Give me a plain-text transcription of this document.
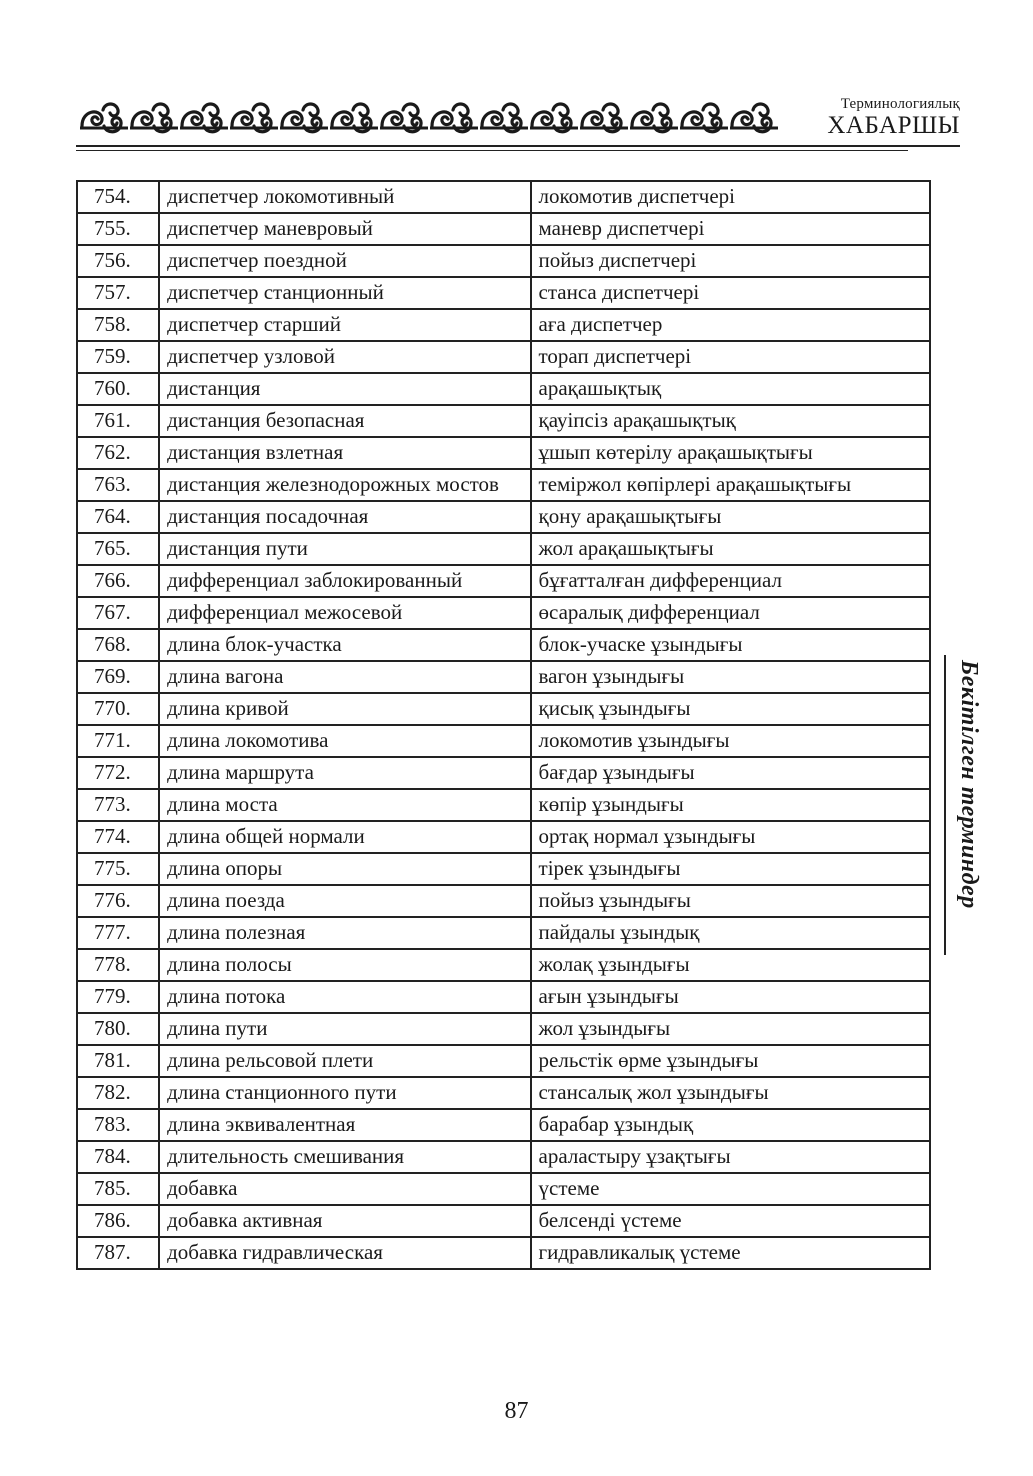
Терминологиялық
ХАБАРШЫ
754.	диспетчер локомотивный	локомотив диспетчері
755.	диспетчер маневровый	маневр диспетчері
756.	диспетчер поездной	пойыз диспетчері
757.	диспетчер станционный	станса диспетчері
758.	диспетчер старший	аға диспетчер
759.	диспетчер узловой	торап диспетчері
760.	дистанция	арақашықтық
761.	дистанция безопасная	қауіпсіз арақашықтық
762.	дистанция взлетная	ұшып көтерілу арақашықтығы
763.	дистанция железнодорожных мостов	теміржол көпірлері арақашықтығы
764.	дистанция посадочная	қону арақашықтығы
765.	дистанция пути	жол арақашықтығы
766.	дифференциал заблокированный	бұғатталған дифференциал
767.	дифференциал межосевой	өсаралық дифференциал
768.	длина блок-участка	блок-учаске ұзындығы
769.	длина вагона	вагон ұзындығы
770.	длина кривой	қисық ұзындығы
771.	длина локомотива	локомотив ұзындығы
772.	длина маршрута	бағдар ұзындығы
773.	длина моста	көпір ұзындығы
774.	длина общей нормали	ортақ нормал ұзындығы
775.	длина опоры	тірек ұзындығы
776.	длина поезда	пойыз ұзындығы
777.	длина полезная	пайдалы ұзындық
778.	длина полосы	жолақ ұзындығы
779.	длина потока	ағын ұзындығы
780.	длина пути	жол ұзындығы
781.	длина рельсовой плети	рельстік өрме ұзындығы
782.	длина станционного пути	стансалық жол ұзындығы
783.	длина эквивалентная	барабар ұзындық
784.	длительность смешивания	араластыру ұзақтығы
785.	добавка	үстеме
786.	добавка активная	белсенді үстеме
787.	добавка гидравлическая	гидравликалық үстеме
Бекітілген терминдер
87
